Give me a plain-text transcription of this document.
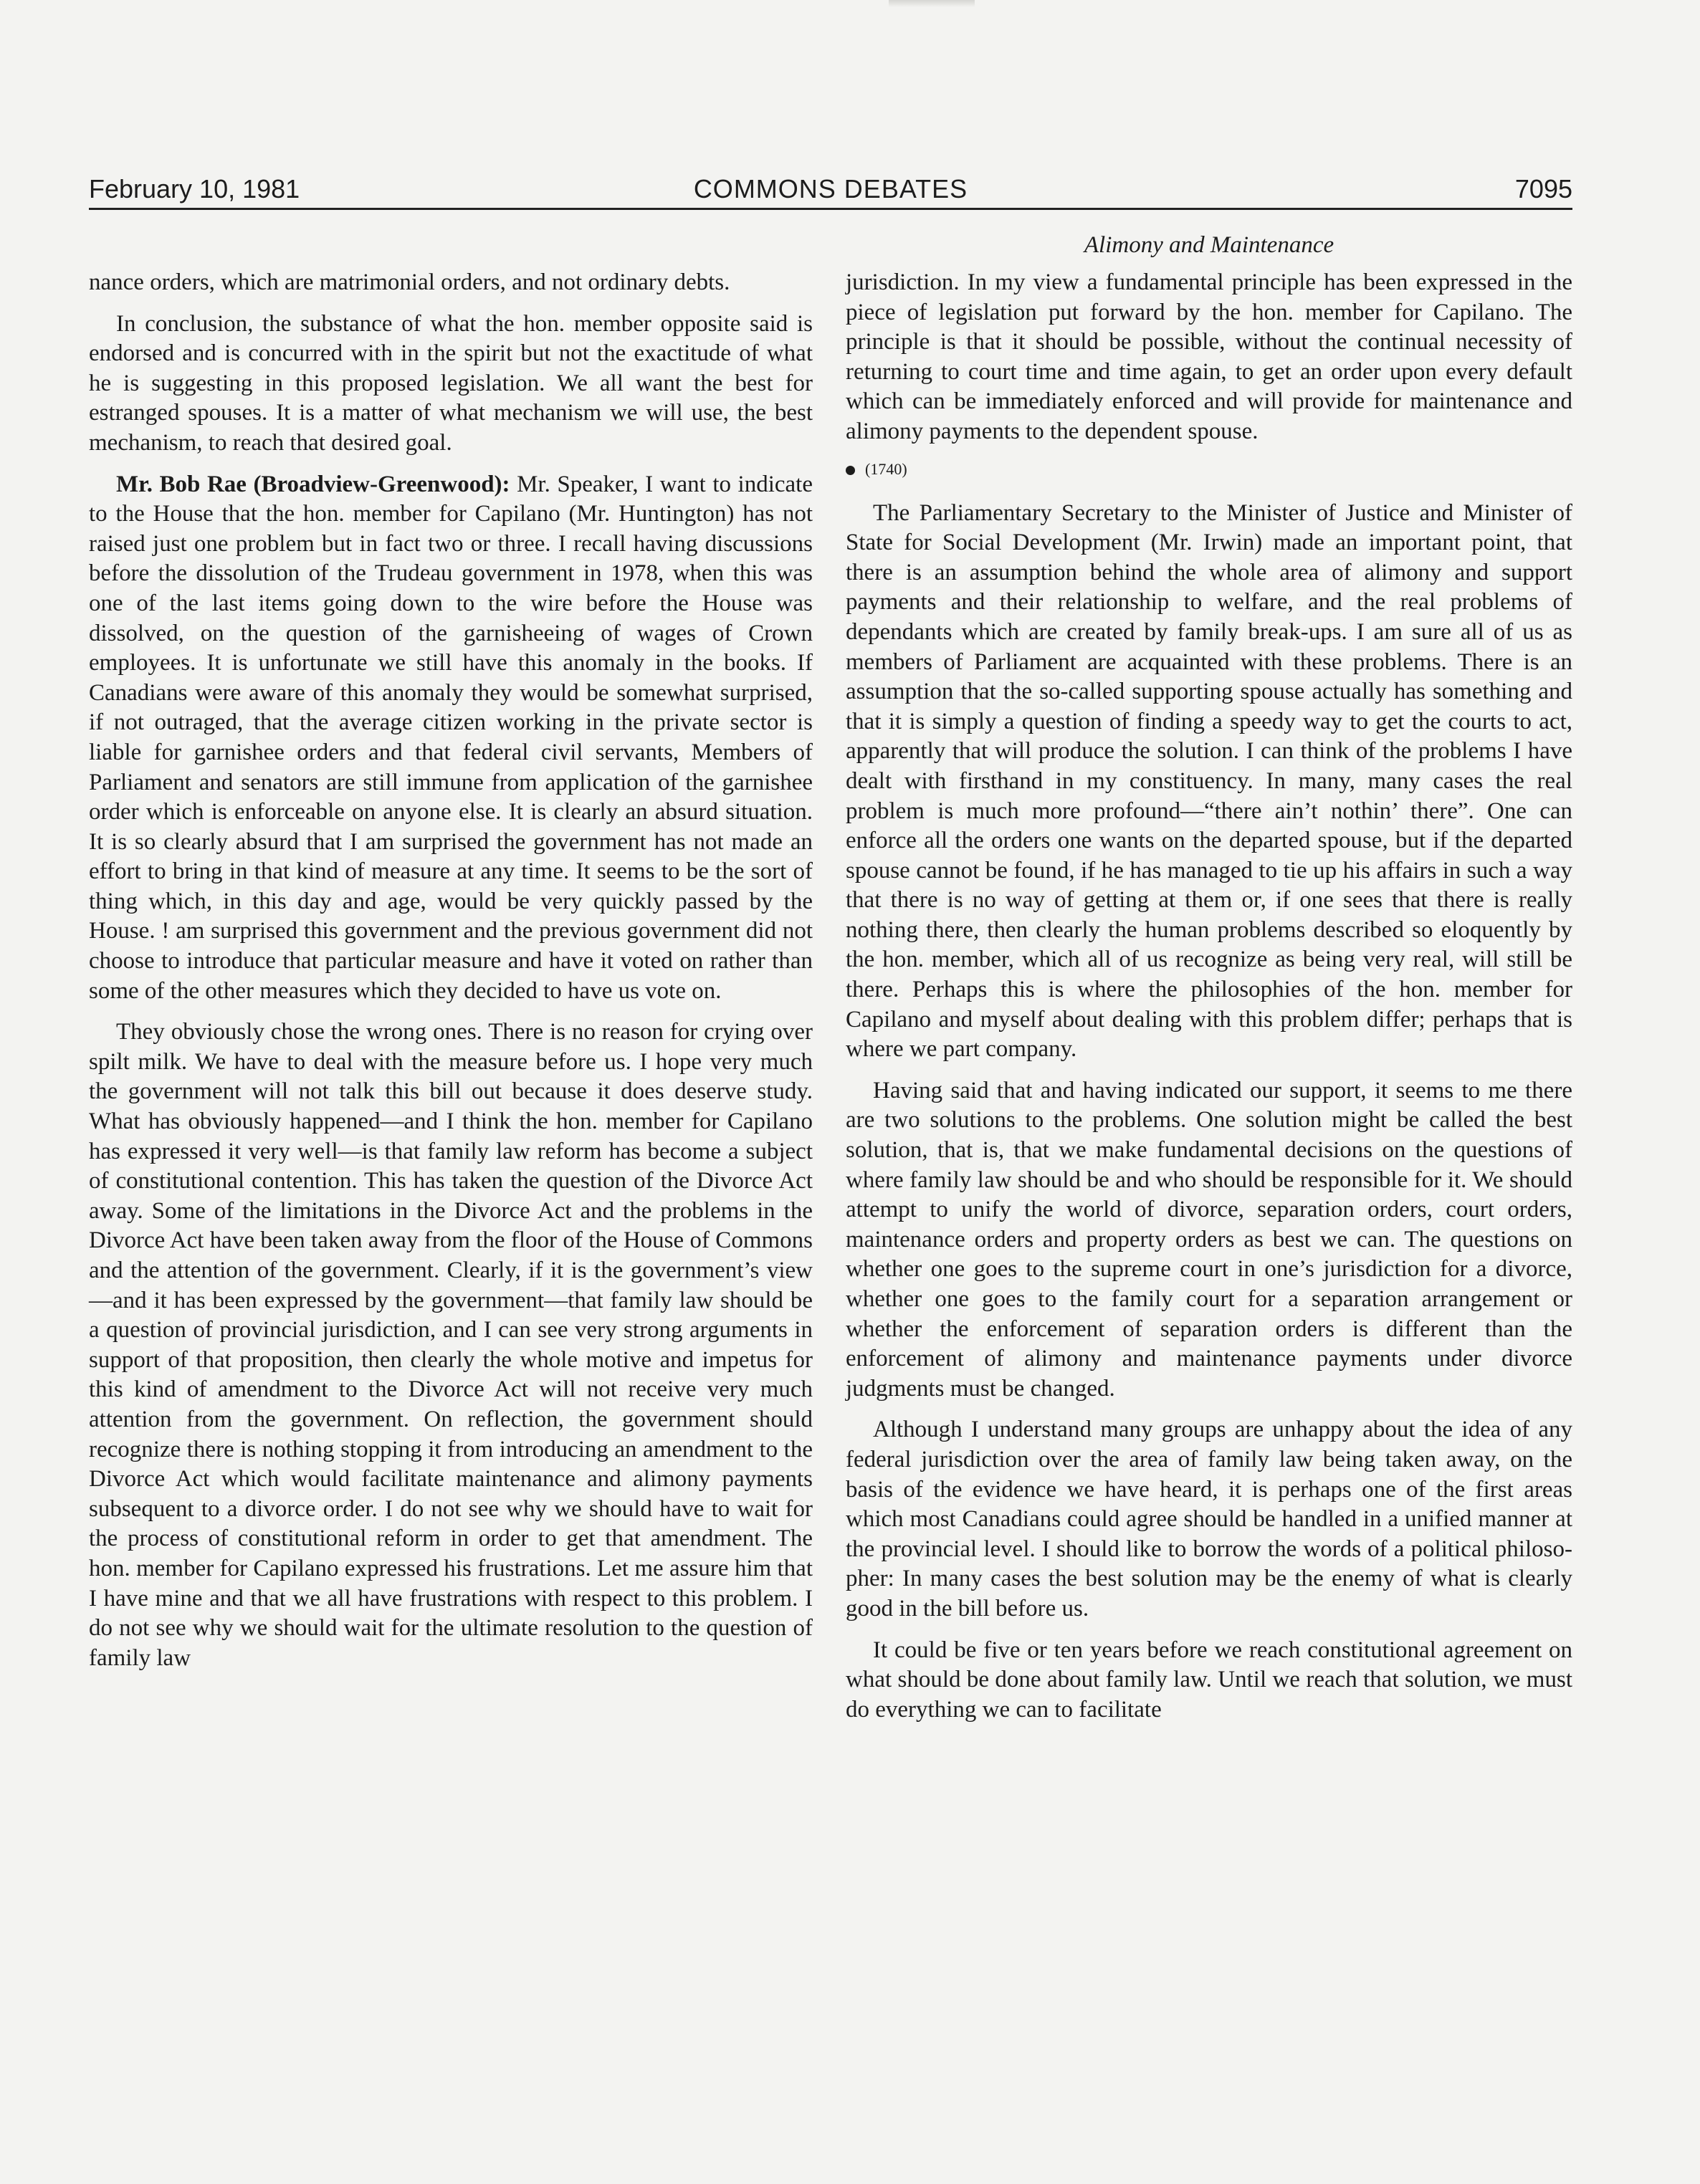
February 10, 1981	COMMONS DEBATES	7095
Alimony and Maintenance

nance orders, which are matrimonial orders, and not ordinary debts.

In conclusion, the substance of what the hon. member opposite said is endorsed and is concurred with in the spirit but not the exactitude of what he is suggesting in this proposed legislation. We all want the best for estranged spouses. It is a matter of what mechanism we will use, the best mechanism, to reach that desired goal.

Mr. Bob Rae (Broadview-Greenwood): Mr. Speaker, I want to indicate to the House that the hon. member for Capilano (Mr. Huntington) has not raised just one problem but in fact two or three. I recall having discussions before the dissolution of the Trudeau government in 1978, when this was one of the last items going down to the wire before the House was dissolved, on the question of the garnisheeing of wages of Crown employees. It is unfortunate we still have this anomaly in the books. If Canadians were aware of this anomaly they would be somewhat surprised, if not outraged, that the average citizen working in the private sector is liable for garnishee orders and that federal civil servants, Members of Parliament and senators are still immune from application of the garnishee order which is enforceable on anyone else. It is clearly an absurd situation. It is so clearly absurd that I am surprised the government has not made an effort to bring in that kind of measure at any time. It seems to be the sort of thing which, in this day and age, would be very quickly passed by the House. ! am surprised this government and the previous government did not choose to introduce that particular measure and have it voted on rather than some of the other measures which they decided to have us vote on.

They obviously chose the wrong ones. There is no reason for crying over spilt milk. We have to deal with the measure before us. I hope very much the government will not talk this bill out because it does deserve study. What has obviously happened—and I think the hon. member for Capilano has expressed it very well—is that family law reform has become a subject of constitutional contention. This has taken the question of the Divorce Act away. Some of the limitations in the Divorce Act and the problems in the Divorce Act have been taken away from the floor of the House of Commons and the attention of the government. Clearly, if it is the government’s view—and it has been expressed by the government—that family law should be a question of provincial jurisdiction, and I can see very strong arguments in support of that proposition, then clearly the whole motive and impetus for this kind of amendment to the Divorce Act will not receive very much attention from the government. On reflection, the government should recognize there is nothing stopping it from introducing an amendment to the Divorce Act which would facilitate maintenance and alimony payments subsequent to a divorce order. I do not see why we should have to wait for the process of constitutional reform in order to get that amendment. The hon. member for Capilano expressed his frustrations. Let me assure him that I have mine and that we all have frustrations with respect to this problem. I do not see why we should wait for the ultimate resolution to the question of family law

jurisdiction. In my view a fundamental principle has been expressed in the piece of legislation put forward by the hon. member for Capilano. The principle is that it should be possible, without the continual necessity of returning to court time and time again, to get an order upon every default which can be immediately enforced and will provide for maintenance and alimony payments to the dependent spouse.

(1740)

The Parliamentary Secretary to the Minister of Justice and Minister of State for Social Development (Mr. Irwin) made an important point, that there is an assumption behind the whole area of alimony and support payments and their relationship to welfare, and the real problems of dependants which are created by family break-ups. I am sure all of us as members of Parliament are acquainted with these problems. There is an assumption that the so-called supporting spouse actually has something and that it is simply a question of finding a speedy way to get the courts to act, apparently that will produce the solution. I can think of the problems I have dealt with firsthand in my constituency. In many, many cases the real problem is much more profound—“there ain’t nothin’ there”. One can enforce all the orders one wants on the departed spouse, but if the departed spouse cannot be found, if he has managed to tie up his affairs in such a way that there is no way of getting at them or, if one sees that there is really nothing there, then clearly the human problems described so eloquently by the hon. member, which all of us recognize as being very real, will still be there. Perhaps this is where the philosophies of the hon. member for Capilano and myself about dealing with this problem differ; perhaps that is where we part company.

Having said that and having indicated our support, it seems to me there are two solutions to the problems. One solution might be called the best solution, that is, that we make fundamental decisions on the questions of where family law should be and who should be responsible for it. We should attempt to unify the world of divorce, separation orders, court orders, maintenance orders and property orders as best we can. The questions on whether one goes to the supreme court in one’s jurisdiction for a divorce, whether one goes to the family court for a separation arrangement or whether the enforcement of separation orders is different than the enforcement of alimony and maintenance payments under divorce judgments must be changed.

Although I understand many groups are unhappy about the idea of any federal jurisdiction over the area of family law being taken away, on the basis of the evidence we have heard, it is perhaps one of the first areas which most Canadians could agree should be handled in a unified manner at the provincial level. I should like to borrow the words of a political philosopher: In many cases the best solution may be the enemy of what is clearly good in the bill before us.

It could be five or ten years before we reach constitutional agreement on what should be done about family law. Until we reach that solution, we must do everything we can to facilitate
